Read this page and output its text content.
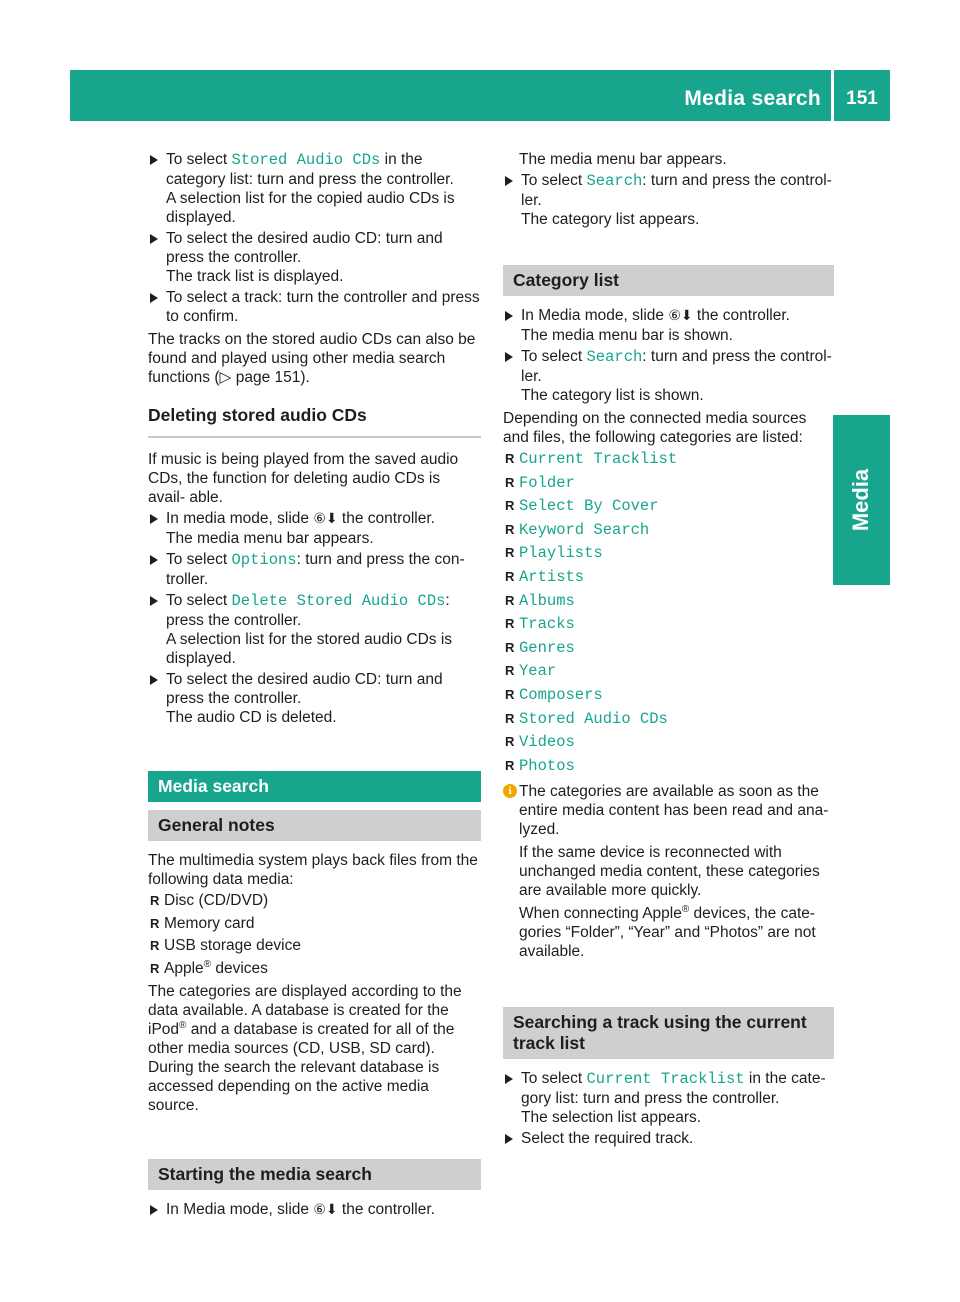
Media search	151
Media
To select Stored Audio CDs in the category list: turn and press the controller.
A selection list for the copied audio CDs is displayed.
To select the desired audio CD: turn and press the controller.
The track list is displayed.
To select a track: turn the controller and press to confirm.
The tracks on the stored audio CDs can also be found and played using other media search functions (▷ page 151).
Deleting stored audio CDs
If music is being played from the saved audio CDs, the function for deleting audio CDs is avail- able.
In media mode, slide ⑥⬇ the controller.
The media menu bar appears.
To select Options: turn and press the con- troller.
To select Delete Stored Audio CDs: press the controller.
A selection list for the stored audio CDs is displayed.
To select the desired audio CD: turn and press the controller.
The audio CD is deleted.
Media search
General notes
The multimedia system plays back files from the following data media:
R Disc (CD/DVD)
R Memory card
R USB storage device
R Apple® devices
The categories are displayed according to the data available. A database is created for the iPod® and a database is created for all of the other media sources (CD, USB, SD card). During the search the relevant database is accessed depending on the active media source.
Starting the media search
In Media mode, slide ⑥⬇ the controller.
The media menu bar appears.
To select Search: turn and press the control- ler.
The category list appears.
Category list
In Media mode, slide ⑥⬇ the controller.
The media menu bar is shown.
To select Search: turn and press the control- ler.
The category list is shown.
Depending on the connected media sources and files, the following categories are listed:
R Current Tracklist
R Folder
R Select By Cover
R Keyword Search
R Playlists
R Artists
R Albums
R Tracks
R Genres
R Year
R Composers
R Stored Audio CDs
R Videos
R Photos
i The categories are available as soon as the entire media content has been read and ana- lyzed.
If the same device is reconnected with unchanged media content, these categories are available more quickly.
When connecting Apple® devices, the cate- gories “Folder”, “Year” and “Photos” are not available.
Searching a track using the current track list
To select Current Tracklist in the cate- gory list: turn and press the controller.
The selection list appears.
Select the required track.
